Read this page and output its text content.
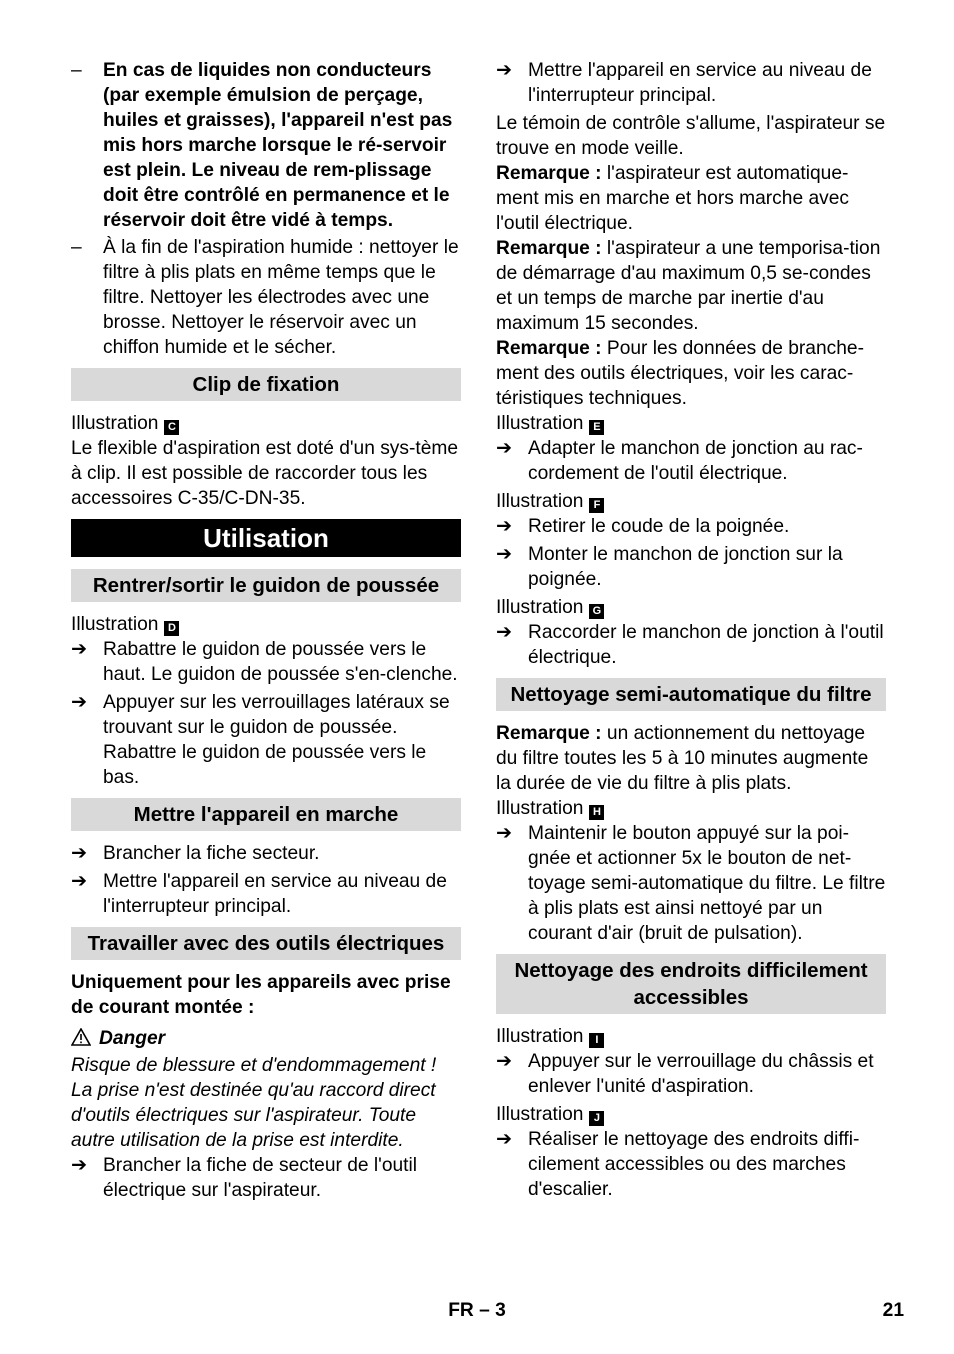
– En cas de liquides non conducteurs (par exemple émulsion de perçage, huiles et graisses), l'appareil n'est pas mis hors marche lorsque le ré-servoir est plein. Le niveau de rem-plissage doit être contrôlé en permanence et le réservoir doit être vidé à temps.

– À la fin de l'aspiration humide : nettoyer le filtre à plis plats en même temps que le filtre. Nettoyer les électrodes avec une brosse. Nettoyer le réservoir avec un chiffon humide et le sécher.

Clip de fixation

Illustration C

Le flexible d'aspiration est doté d'un sys-tème à clip. Il est possible de raccorder tous les accessoires C-35/C-DN-35.

Utilisation
Rentrer/sortir le guidon de poussée

Illustration D

➔ Rabattre le guidon de poussée vers le haut. Le guidon de poussée s'en-clenche.

➔ Appuyer sur les verrouillages latéraux se trouvant sur le guidon de poussée. Rabattre le guidon de poussée vers le bas.

Mettre l'appareil en marche
➔ Brancher la fiche secteur.

➔ Mettre l'appareil en service au niveau de l'interrupteur principal.

Travailler avec des outils électriques

Uniquement pour les appareils avec prise de courant montée :

Danger

Risque de blessure et d'endommagement ! La prise n'est destinée qu'au raccord direct d'outils électriques sur l'aspirateur. Toute autre utilisation de la prise est interdite.

➔ Brancher la fiche de secteur de l'outil électrique sur l'aspirateur.

➔ Mettre l'appareil en service au niveau de l'interrupteur principal.

Le témoin de contrôle s'allume, l'aspirateur se trouve en mode veille.

Remarque : l'aspirateur est automatique-ment mis en marche et hors marche avec l'outil électrique.

Remarque : l'aspirateur a une temporisa-tion de démarrage d'au maximum 0,5 se-condes et un temps de marche par inertie d'au maximum 15 secondes.

Remarque : Pour les données de branche-ment des outils électriques, voir les carac-téristiques techniques.

Illustration E

➔ Adapter le manchon de jonction au rac-cordement de l'outil électrique.

Illustration F

➔ Retirer le coude de la poignée.

➔ Monter le manchon de jonction sur la poignée.

Illustration G

➔ Raccorder le manchon de jonction à l'outil électrique.

Nettoyage semi-automatique du filtre

Remarque : un actionnement du nettoyage du filtre toutes les 5 à 10 minutes augmente la durée de vie du filtre à plis plats.

Illustration H

➔ Maintenir le bouton appuyé sur la poi-gnée et actionner 5x le bouton de net-toyage semi-automatique du filtre. Le filtre à plis plats est ainsi nettoyé par un courant d'air (bruit de pulsation).

Nettoyage des endroits difficilement accessibles

Illustration I

➔ Appuyer sur le verrouillage du châssis et enlever l'unité d'aspiration.

Illustration J

➔ Réaliser le nettoyage des endroits diffi-cilement accessibles ou des marches d'escalier.

FR – 3	21
